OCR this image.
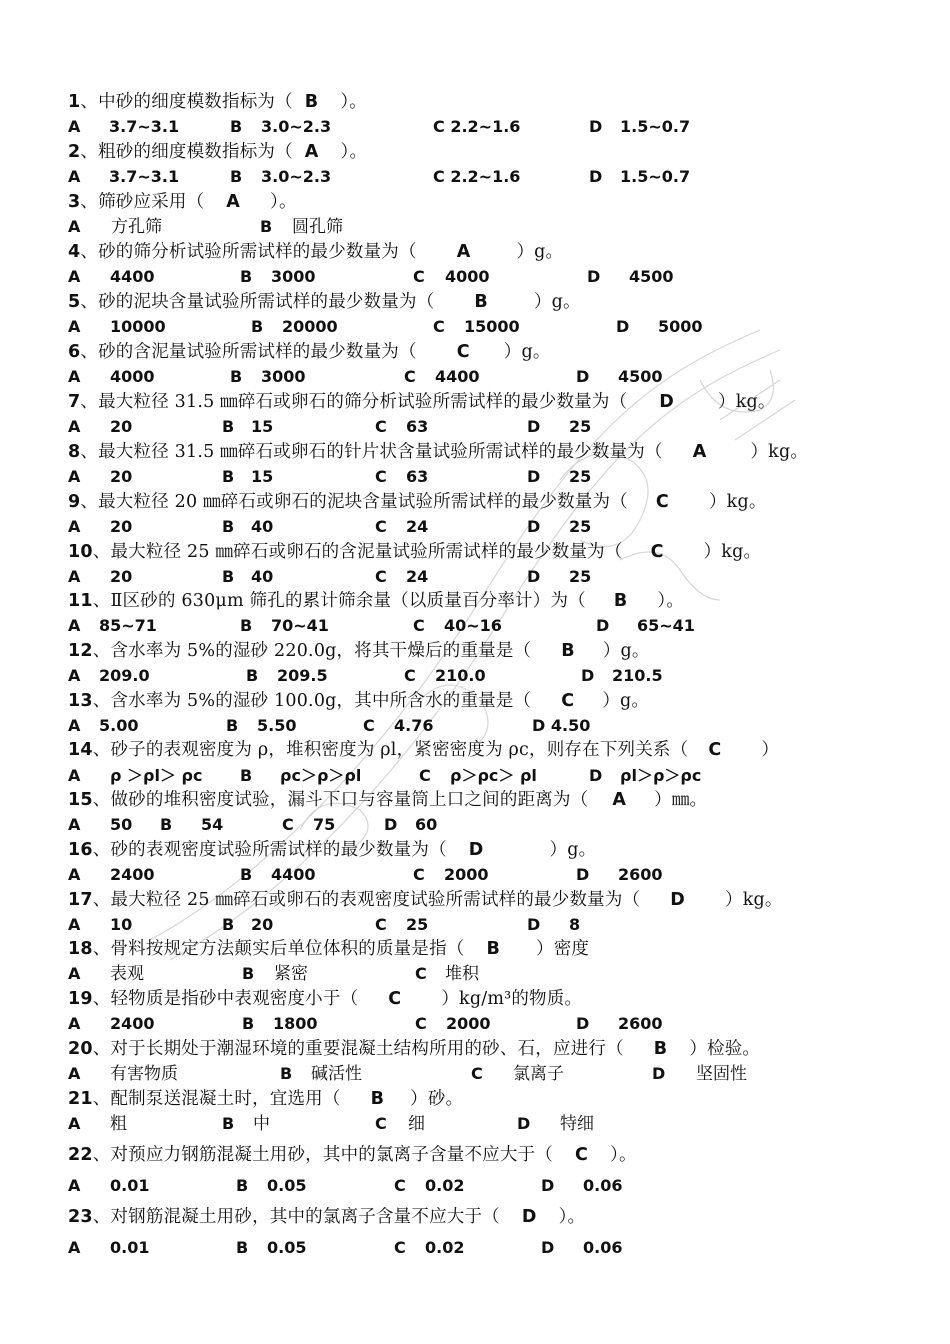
1、中砂的细度模数指标为（ B ）。
A 3.7~3.1	B 3.0~2.3	C 2.2~1.6	D 1.5~0.7
2、粗砂的细度模数指标为（ A ）。
A 3.7~3.1	B 3.0~2.3	C 2.2~1.6	D 1.5~0.7
3、筛砂应采用（ A ）。
A 方孔筛	B 圆孔筛
4、砂的筛分析试验所需试样的最少数量为（ A	）g。
A 4400	B 3000	C 4000	D 4500
5、砂的泥块含量试验所需试样的最少数量为（ B	）g。
A 10000	B 20000	C 15000	D 5000
6、砂的含泥量试验所需试样的最少数量为（ C ）g。
A 4000	B 3000	C 4400	D 4500
7、最大粒径 31.5 ㎜碎石或卵石的筛分析试验所需试样的最少数量为（ D	）kg。
A 20	B 15	C 63	D 25
8、最大粒径 31.5 ㎜碎石或卵石的针片状含量试验所需试样的最少数量为（ A	）kg。
A 20	B 15	C 63	D 25
9、最大粒径 20 ㎜碎石或卵石的泥块含量试验所需试样的最少数量为（ C ）kg。
A 20	B 40	C 24	D 25
10、最大粒径 25 ㎜碎石或卵石的含泥量试验所需试样的最少数量为（ C ）kg。
A 20	B 40	C 24	D 25
11、Ⅱ区砂的 630μm 筛孔的累计筛余量（以质量百分率计）为（ B ）。
A 85~71	B 70~41	C 40~16	D 65~41
12、含水率为 5%的湿砂 220.0g，将其干燥后的重量是（ B ）g。
A 209.0	B 209.5	C 210.0	D 210.5
13、含水率为 5%的湿砂 100.0g，其中所含水的重量是（ C ）g。
A 5.00	B 5.50	C 4.76	D 4.50
14、砂子的表观密度为 ρ，堆积密度为 ρl，紧密密度为 ρc，则存在下列关系（ C ）
A ρ ＞ρl＞ ρc B ρc＞ρ＞ρl	C ρ＞ρc＞ ρl	D ρl＞ρ＞ρc
15、做砂的堆积密度试验，漏斗下口与容量筒上口之间的距离为（ A ）㎜。
A 50 B 54	C 75	D 60
16、砂的表观密度试验所需试样的最少数量为（ D	）g。
A 2400	B 4400	C 2000	D 2600
17、最大粒径 25 ㎜碎石或卵石的表观密度试验所需试样的最少数量为（ D ）kg。
A 10	B 20	C 25	D 8
18、骨料按规定方法颠实后单位体积的质量是指（ B ）密度
A 表观	B 紧密	C 堆积
19、轻物质是指砂中表观密度小于（ C ）kg/m³的物质。
A 2400	B 1800	C 2000	D 2600
20、对于长期处于潮湿环境的重要混凝土结构所用的砂、石，应进行（ B ）检验。
A 有害物质	B 碱活性	C 氯离子	D 坚固性
21、配制泵送混凝土时，宜选用（ B ）砂。
A 粗	B 中	C 细	D 特细
22、对预应力钢筋混凝土用砂，其中的氯离子含量不应大于（ C ）。
A 0.01	B 0.05	C 0.02	D 0.06
23、对钢筋混凝土用砂，其中的氯离子含量不应大于（ D ）。
A 0.01	B 0.05	C 0.02	D 0.06
